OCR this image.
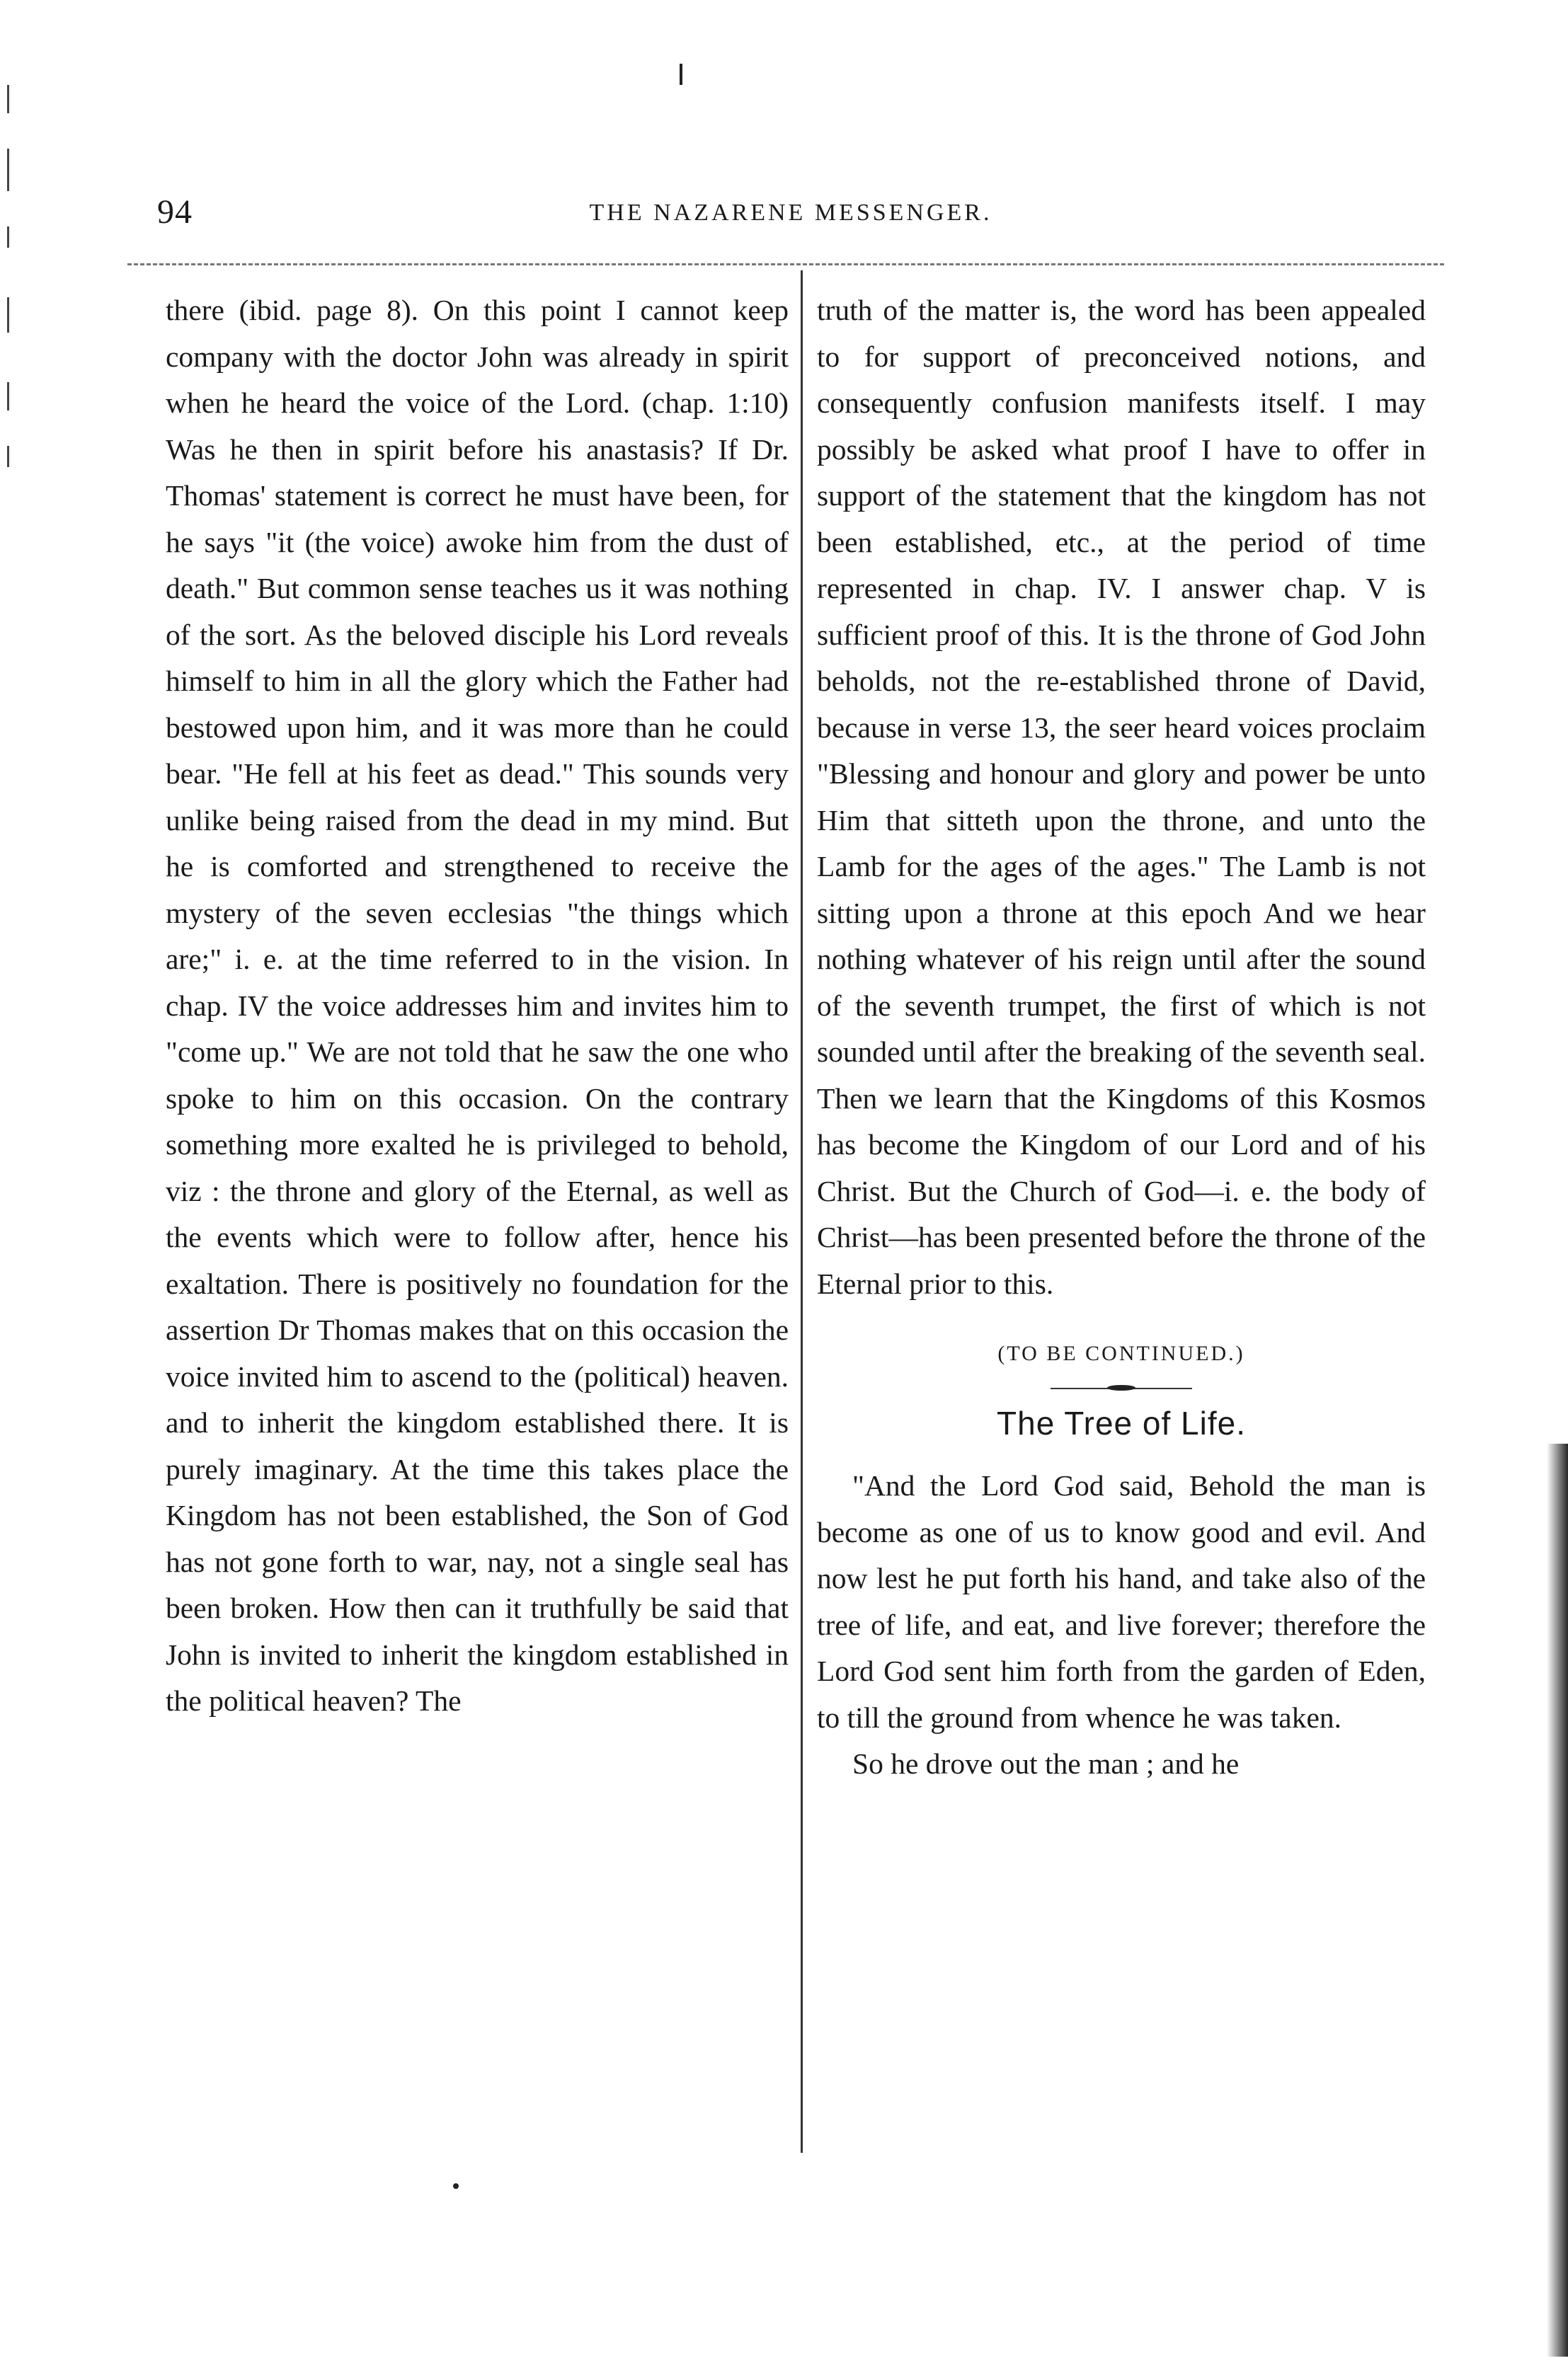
94	THE NAZARENE MESSENGER.

there (ibid. page 8). On this point I cannot keep company with the doctor John was already in spirit when he heard the voice of the Lord. (chap. 1:10) Was he then in spirit before his anastasis? If Dr. Thomas' statement is correct he must have been, for he says "it (the voice) awoke him from the dust of death." But common sense teaches us it was nothing of the sort. As the beloved disciple his Lord reveals himself to him in all the glory which the Father had bestowed upon him, and it was more than he could bear. "He fell at his feet as dead." This sounds very unlike being raised from the dead in my mind. But he is comforted and strengthened to receive the mystery of the seven ecclesias "the things which are;" i. e. at the time referred to in the vision. In chap. IV the voice addresses him and invites him to "come up." We are not told that he saw the one who spoke to him on this occasion. On the contrary something more exalted he is privileged to behold, viz : the throne and glory of the Eternal, as well as the events which were to follow after, hence his exaltation. There is positively no foundation for the assertion Dr Thomas makes that on this occasion the voice invited him to ascend to the (political) heaven. and to inherit the kingdom established there. It is purely imaginary. At the time this takes place the Kingdom has not been established, the Son of God has not gone forth to war, nay, not a single seal has been broken. How then can it truthfully be said that John is invited to inherit the kingdom established in the political heaven? The

truth of the matter is, the word has been appealed to for support of preconceived notions, and consequently confusion manifests itself. I may possibly be asked what proof I have to offer in support of the statement that the kingdom has not been established, etc., at the period of time represented in chap. IV. I answer chap. V is sufficient proof of this. It is the throne of God John beholds, not the re-established throne of David, because in verse 13, the seer heard voices proclaim "Blessing and honour and glory and power be unto Him that sitteth upon the throne, and unto the Lamb for the ages of the ages." The Lamb is not sitting upon a throne at this epoch And we hear nothing whatever of his reign until after the sound of the seventh trumpet, the first of which is not sounded until after the breaking of the seventh seal. Then we learn that the Kingdoms of this Kosmos has become the Kingdom of our Lord and of his Christ. But the Church of God—i. e. the body of Christ—has been presented before the throne of the Eternal prior to this.

(TO BE CONTINUED.)
The Tree of Life.

"And the Lord God said, Behold the man is become as one of us to know good and evil. And now lest he put forth his hand, and take also of the tree of life, and eat, and live forever; therefore the Lord God sent him forth from the garden of Eden, to till the ground from whence he was taken.

So he drove out the man ; and he
